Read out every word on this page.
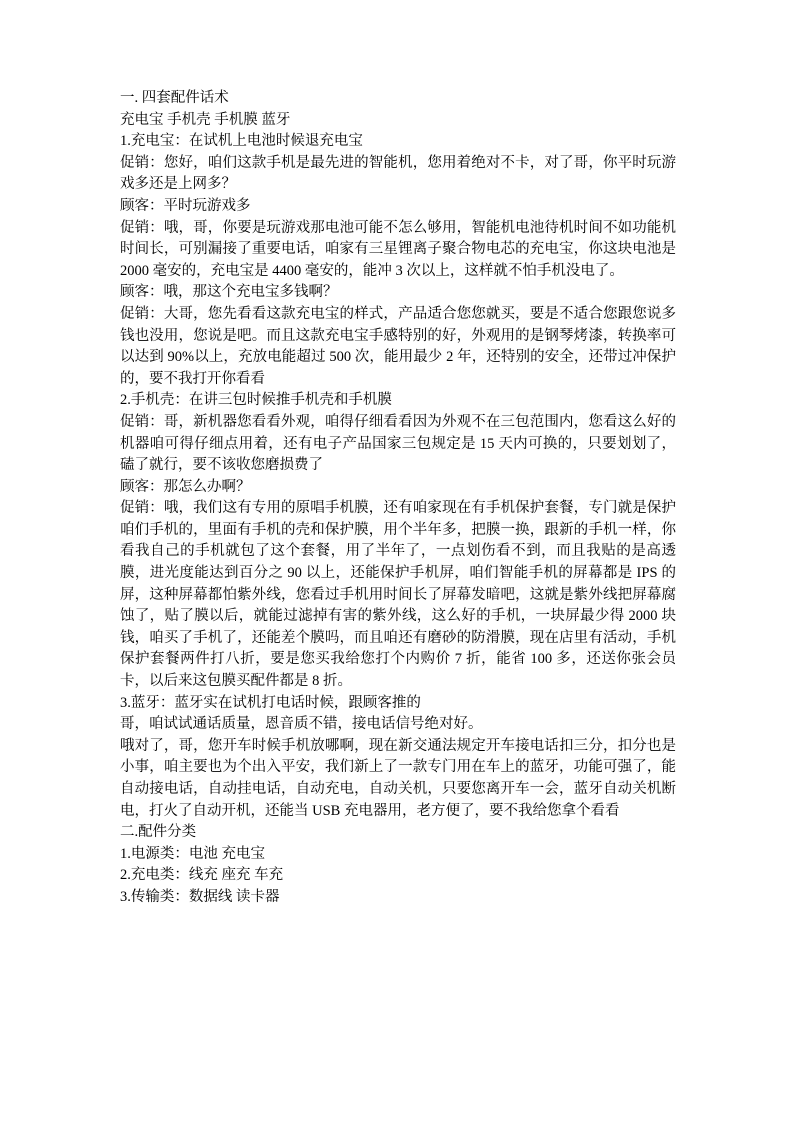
一. 四套配件话术

充电宝 手机壳 手机膜 蓝牙

1.充电宝：在试机上电池时候退充电宝

促销：您好，咱们这款手机是最先进的智能机，您用着绝对不卡，对了哥，你平时玩游戏多还是上网多？

顾客：平时玩游戏多

促销：哦，哥，你要是玩游戏那电池可能不怎么够用，智能机电池待机时间不如功能机时间长，可别漏接了重要电话，咱家有三星锂离子聚合物电芯的充电宝，你这块电池是 2000 毫安的，充电宝是 4400 毫安的，能冲 3 次以上，这样就不怕手机没电了。

顾客：哦，那这个充电宝多钱啊？

促销：大哥，您先看看这款充电宝的样式，产品适合您您就买，要是不适合您跟您说多钱也没用，您说是吧。而且这款充电宝手感特别的好，外观用的是钢琴烤漆，转换率可以达到 90%以上，充放电能超过 500 次，能用最少 2 年，还特别的安全，还带过冲保护的，要不我打开你看看

2.手机壳：在讲三包时候推手机壳和手机膜

促销：哥，新机器您看看外观，咱得仔细看看因为外观不在三包范围内，您看这么好的机器咱可得仔细点用着，还有电子产品国家三包规定是 15 天内可换的，只要划划了，磕了就行，要不该收您磨损费了

顾客：那怎么办啊？

促销：哦，我们这有专用的原唱手机膜，还有咱家现在有手机保护套餐，专门就是保护咱们手机的，里面有手机的壳和保护膜，用个半年多，把膜一换，跟新的手机一样，你看我自己的手机就包了这个套餐，用了半年了，一点划伤看不到，而且我贴的是高透膜，进光度能达到百分之 90 以上，还能保护手机屏，咱们智能手机的屏幕都是 IPS 的屏，这种屏幕都怕紫外线，您看过手机用时间长了屏幕发暗吧，这就是紫外线把屏幕腐蚀了，贴了膜以后，就能过滤掉有害的紫外线，这么好的手机，一块屏最少得 2000 块钱，咱买了手机了，还能差个膜吗，而且咱还有磨砂的防滑膜，现在店里有活动，手机保护套餐两件打八折，要是您买我给您打个内购价 7 折，能省 100 多，还送你张会员卡，以后来这包膜买配件都是 8 折。

3.蓝牙：蓝牙实在试机打电话时候，跟顾客推的

哥，咱试试通话质量，恩音质不错，接电话信号绝对好。

哦对了，哥，您开车时候手机放哪啊，现在新交通法规定开车接电话扣三分，扣分也是小事，咱主要也为个出入平安，我们新上了一款专门用在车上的蓝牙，功能可强了，能自动接电话，自动挂电话，自动充电，自动关机，只要您离开车一会，蓝牙自动关机断电，打火了自动开机，还能当 USB 充电器用，老方便了，要不我给您拿个看看

二.配件分类

1.电源类：电池 充电宝

2.充电类：线充 座充 车充

3.传输类：数据线 读卡器
